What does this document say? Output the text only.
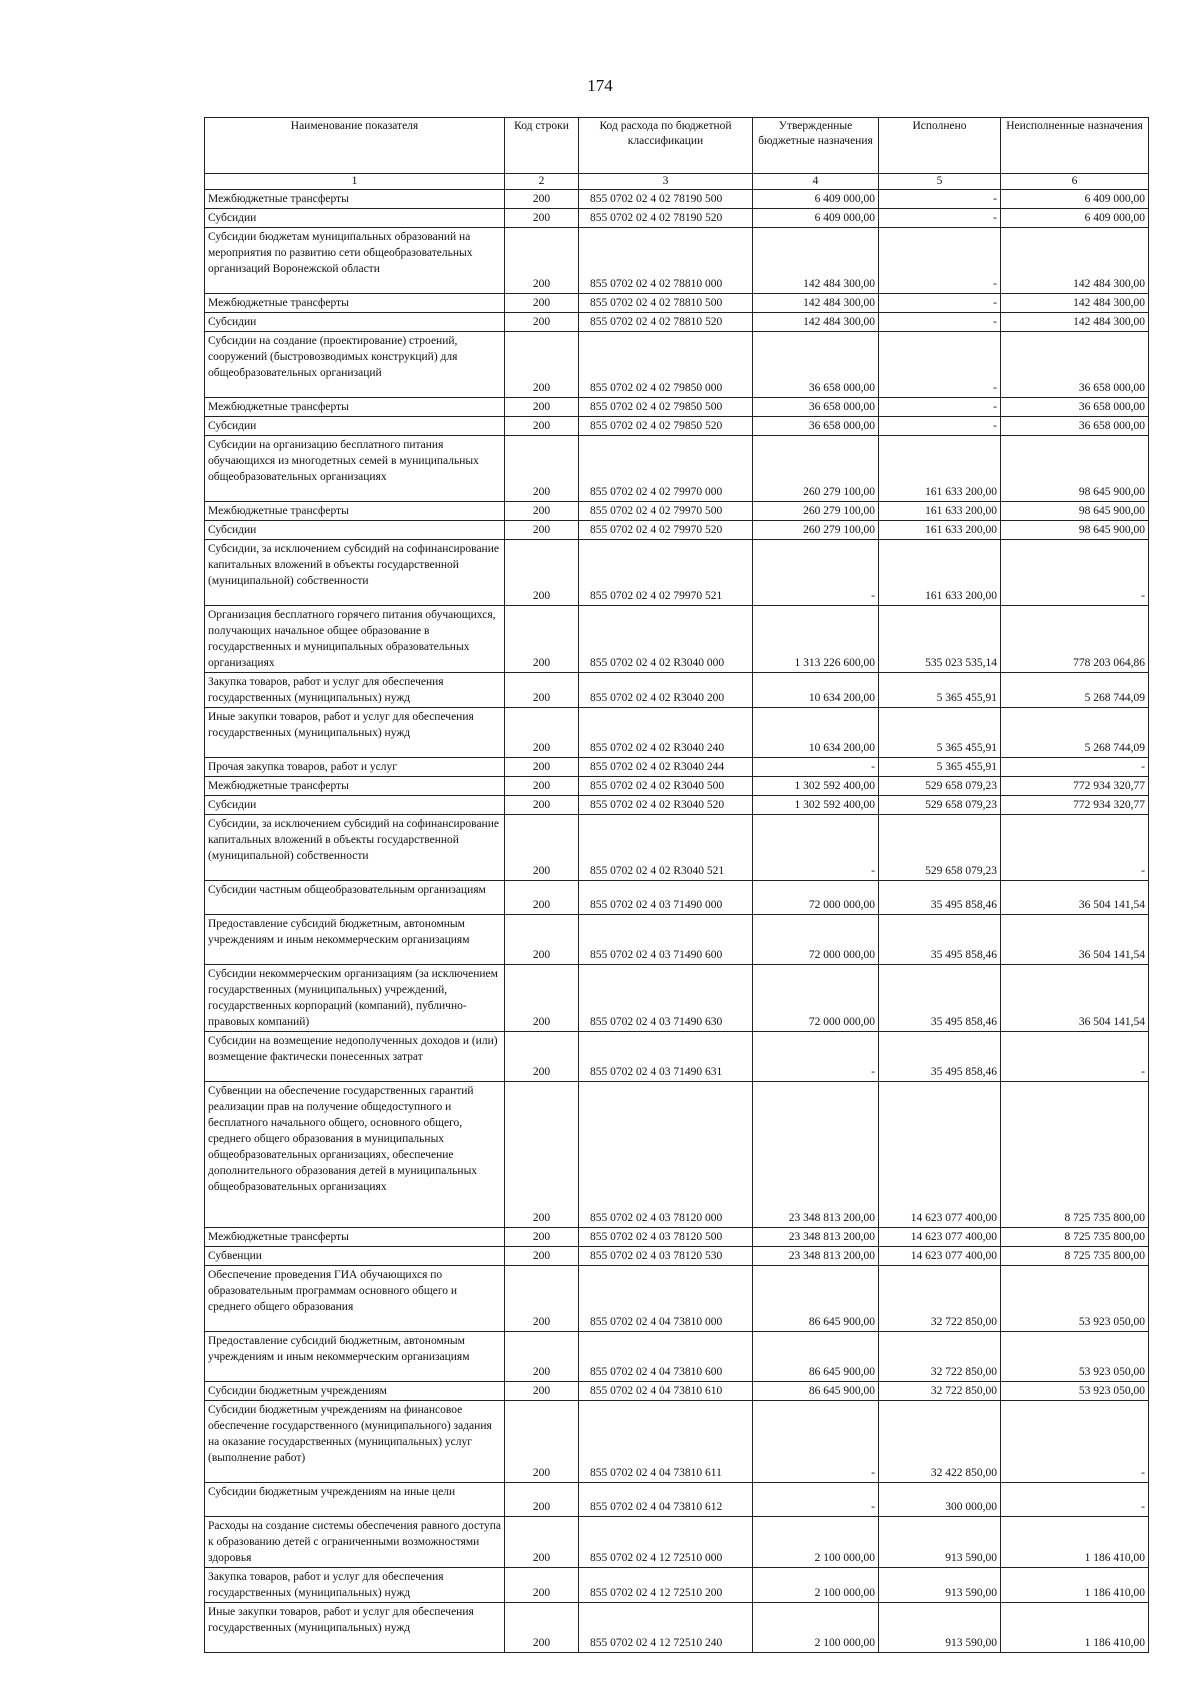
174
Наименование показателя	Код строки	Код расхода по бюджетной классификации	Утвержденные бюджетные назначения	Исполнено	Неисполненные назначения
1	2	3	4	5	6
Межбюджетные трансферты	200	855 0702 02 4 02 78190 500	6 409 000,00	-	6 409 000,00
Субсидии	200	855 0702 02 4 02 78190 520	6 409 000,00	-	6 409 000,00
Субсидии бюджетам муниципальных образований на мероприятия по развитию сети общеобразовательных организаций Воронежской области	200	855 0702 02 4 02 78810 000	142 484 300,00	-	142 484 300,00
Межбюджетные трансферты	200	855 0702 02 4 02 78810 500	142 484 300,00	-	142 484 300,00
Субсидии	200	855 0702 02 4 02 78810 520	142 484 300,00	-	142 484 300,00
Субсидии на создание (проектирование) строений, сооружений (быстровозводимых конструкций) для общеобразовательных организаций	200	855 0702 02 4 02 79850 000	36 658 000,00	-	36 658 000,00
Межбюджетные трансферты	200	855 0702 02 4 02 79850 500	36 658 000,00	-	36 658 000,00
Субсидии	200	855 0702 02 4 02 79850 520	36 658 000,00	-	36 658 000,00
Субсидии на организацию бесплатного питания обучающихся из многодетных семей в муниципальных общеобразовательных организациях	200	855 0702 02 4 02 79970 000	260 279 100,00	161 633 200,00	98 645 900,00
Межбюджетные трансферты	200	855 0702 02 4 02 79970 500	260 279 100,00	161 633 200,00	98 645 900,00
Субсидии	200	855 0702 02 4 02 79970 520	260 279 100,00	161 633 200,00	98 645 900,00
Субсидии, за исключением субсидий на софинансирование капитальных вложений в объекты государственной (муниципальной) собственности	200	855 0702 02 4 02 79970 521	-	161 633 200,00	-
Организация бесплатного горячего питания обучающихся, получающих начальное общее образование в государственных и муниципальных образовательных организациях	200	855 0702 02 4 02 R3040 000	1 313 226 600,00	535 023 535,14	778 203 064,86
Закупка товаров, работ и услуг для обеспечения государственных (муниципальных) нужд	200	855 0702 02 4 02 R3040 200	10 634 200,00	5 365 455,91	5 268 744,09
Иные закупки товаров, работ и услуг для обеспечения государственных (муниципальных) нужд	200	855 0702 02 4 02 R3040 240	10 634 200,00	5 365 455,91	5 268 744,09
Прочая закупка товаров, работ и услуг	200	855 0702 02 4 02 R3040 244	-	5 365 455,91	-
Межбюджетные трансферты	200	855 0702 02 4 02 R3040 500	1 302 592 400,00	529 658 079,23	772 934 320,77
Субсидии	200	855 0702 02 4 02 R3040 520	1 302 592 400,00	529 658 079,23	772 934 320,77
Субсидии, за исключением субсидий на софинансирование капитальных вложений в объекты государственной (муниципальной) собственности	200	855 0702 02 4 02 R3040 521	-	529 658 079,23	-
Субсидии частным общеобразовательным организациям	200	855 0702 02 4 03 71490 000	72 000 000,00	35 495 858,46	36 504 141,54
Предоставление субсидий бюджетным, автономным учреждениям и иным некоммерческим организациям	200	855 0702 02 4 03 71490 600	72 000 000,00	35 495 858,46	36 504 141,54
Субсидии некоммерческим организациям (за исключением государственных (муниципальных) учреждений, государственных корпораций (компаний), публично-правовых компаний)	200	855 0702 02 4 03 71490 630	72 000 000,00	35 495 858,46	36 504 141,54
Субсидии на возмещение недополученных доходов и (или) возмещение фактически понесенных затрат	200	855 0702 02 4 03 71490 631	-	35 495 858,46	-
Субвенции на обеспечение государственных гарантий реализации прав на получение общедоступного и бесплатного начального общего, основного общего, среднего общего образования в муниципальных общеобразовательных организациях, обеспечение дополнительного образования детей в муниципальных общеобразовательных организациях	200	855 0702 02 4 03 78120 000	23 348 813 200,00	14 623 077 400,00	8 725 735 800,00
Межбюджетные трансферты	200	855 0702 02 4 03 78120 500	23 348 813 200,00	14 623 077 400,00	8 725 735 800,00
Субвенции	200	855 0702 02 4 03 78120 530	23 348 813 200,00	14 623 077 400,00	8 725 735 800,00
Обеспечение проведения ГИА обучающихся по образовательным программам основного общего и среднего общего образования	200	855 0702 02 4 04 73810 000	86 645 900,00	32 722 850,00	53 923 050,00
Предоставление субсидий бюджетным, автономным учреждениям и иным некоммерческим организациям	200	855 0702 02 4 04 73810 600	86 645 900,00	32 722 850,00	53 923 050,00
Субсидии бюджетным учреждениям	200	855 0702 02 4 04 73810 610	86 645 900,00	32 722 850,00	53 923 050,00
Субсидии бюджетным учреждениям на финансовое обеспечение государственного (муниципального) задания на оказание государственных (муниципальных) услуг (выполнение работ)	200	855 0702 02 4 04 73810 611	-	32 422 850,00	-
Субсидии бюджетным учреждениям на иные цели	200	855 0702 02 4 04 73810 612	-	300 000,00	-
Расходы на создание системы обеспечения равного доступа к образованию детей с ограниченными возможностями здоровья	200	855 0702 02 4 12 72510 000	2 100 000,00	913 590,00	1 186 410,00
Закупка товаров, работ и услуг для обеспечения государственных (муниципальных) нужд	200	855 0702 02 4 12 72510 200	2 100 000,00	913 590,00	1 186 410,00
Иные закупки товаров, работ и услуг для обеспечения государственных (муниципальных) нужд	200	855 0702 02 4 12 72510 240	2 100 000,00	913 590,00	1 186 410,00
